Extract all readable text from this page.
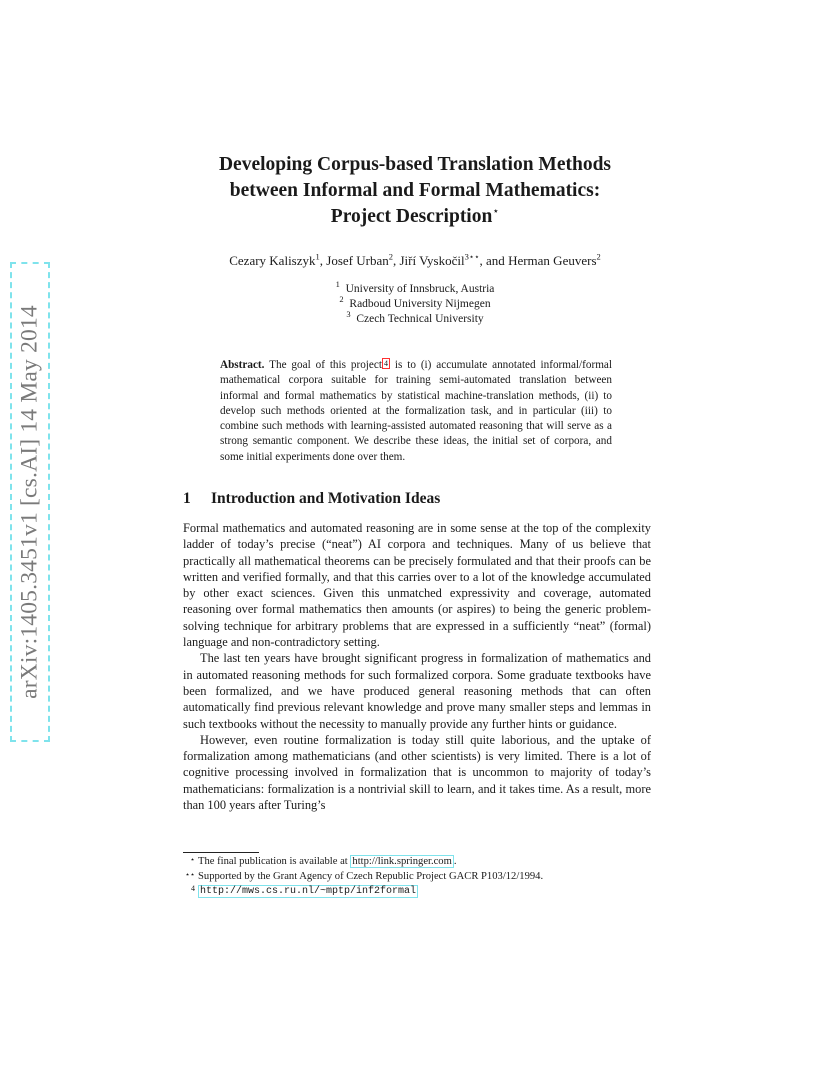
arXiv:1405.3451v1 [cs.AI] 14 May 2014
Developing Corpus-based Translation Methods
between Informal and Formal Mathematics:
Project Description⋆
Cezary Kaliszyk$^1$, Josef Urban$^2$, Jiří Vyskočil$^{3⋆⋆}$, and Herman Geuvers$^2$
$^1$ University of Innsbruck, Austria
$^2$ Radboud University Nijmegen
$^3$ Czech Technical University
Abstract. The goal of this project 4 is to (i) accumulate annotated informal/formal mathematical corpora suitable for training semi-automated translation between informal and formal mathematics by statistical machine-translation methods, (ii) to develop such methods oriented at the formalization task, and in particular (iii) to combine such methods with learning-assisted automated reasoning that will serve as a strong semantic component. We describe these ideas, the initial set of corpora, and some initial experiments done over them.
1 Introduction and Motivation Ideas

Formal mathematics and automated reasoning are in some sense at the top of the complexity ladder of today’s precise (“neat”) AI corpora and techniques. Many of us believe that practically all mathematical theorems can be precisely formulated and that their proofs can be written and verified formally, and that this carries over to a lot of the knowledge accumulated by other exact sciences. Given this unmatched expressivity and coverage, automated reasoning over formal mathematics then amounts (or aspires) to being the generic problem-solving technique for arbitrary problems that are expressed in a sufficiently “neat” (formal) language and non-contradictory setting.

The last ten years have brought significant progress in formalization of mathematics and in automated reasoning methods for such formalized corpora. Some graduate textbooks have been formalized, and we have produced general reasoning methods that can often automatically find previous relevant knowledge and prove many smaller steps and lemmas in such textbooks without the necessity to manually provide any further hints or guidance.

However, even routine formalization is today still quite laborious, and the uptake of formalization among mathematicians (and other scientists) is very limited. There is a lot of cognitive processing involved in formalization that is uncommon to majority of today’s mathematicians: formalization is a nontrivial skill to learn, and it takes time. As a result, more than 100 years after Turing’s

⋆ The final publication is available at http://link.springer.com .
⋆⋆ Supported by the Grant Agency of Czech Republic Project GACR P103/12/1994.
4 http://mws.cs.ru.nl/~mptp/inf2formal
